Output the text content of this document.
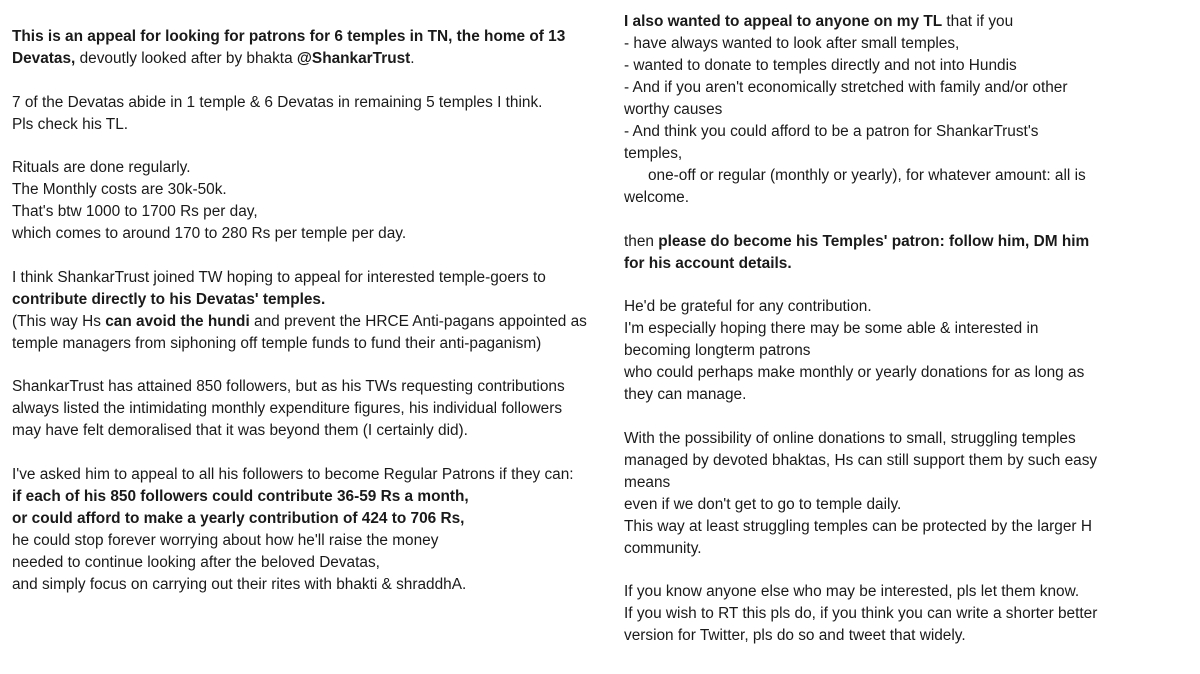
This is an appeal for looking for patrons for 6 temples in TN, the home of 13
Devatas, devoutly looked after by bhakta @ShankarTrust.
7 of the Devatas abide in 1 temple & 6 Devatas in remaining 5 temples I think.
Pls check his TL.
Rituals are done regularly.
The Monthly costs are 30k-50k.
That's btw 1000 to 1700 Rs per day,
which comes to around 170 to 280 Rs per temple per day.
I think ShankarTrust joined TW hoping to appeal for interested temple-goers to
contribute directly to his Devatas' temples.
(This way Hs can avoid the hundi and prevent the HRCE Anti-pagans appointed as
temple managers from siphoning off temple funds to fund their anti-paganism)
ShankarTrust has attained 850 followers, but as his TWs requesting contributions
always listed the intimidating monthly expenditure figures, his individual followers
may have felt demoralised that it was beyond them (I certainly did).
I've asked him to appeal to all his followers to become Regular Patrons if they can:
if each of his 850 followers could contribute 36-59 Rs a month,
or could afford to make a yearly contribution of 424 to 706 Rs,
he could stop forever worrying about how he'll raise the money
needed to continue looking after the beloved Devatas,
and simply focus on carrying out their rites with bhakti & shraddhA.
I also wanted to appeal to anyone on my TL that if you
- have always wanted to look after small temples,
- wanted to donate to temples directly and not into Hundis
- And if you aren't economically stretched with family and/or other
worthy causes
- And think you could afford to be a patron for ShankarTrust's
temples,
one-off or regular (monthly or yearly), for whatever amount: all is
welcome.
then please do become his Temples' patron: follow him, DM him
for his account details.
He'd be grateful for any contribution.
I'm especially hoping there may be some able & interested in
becoming longterm patrons
who could perhaps make monthly or yearly donations for as long as
they can manage.
With the possibility of online donations to small, struggling temples
managed by devoted bhaktas, Hs can still support them by such easy
means
even if we don't get to go to temple daily.
This way at least struggling temples can be protected by the larger H
community.
If you know anyone else who may be interested, pls let them know.
If you wish to RT this pls do, if you think you can write a shorter better
version for Twitter, pls do so and tweet that widely.
